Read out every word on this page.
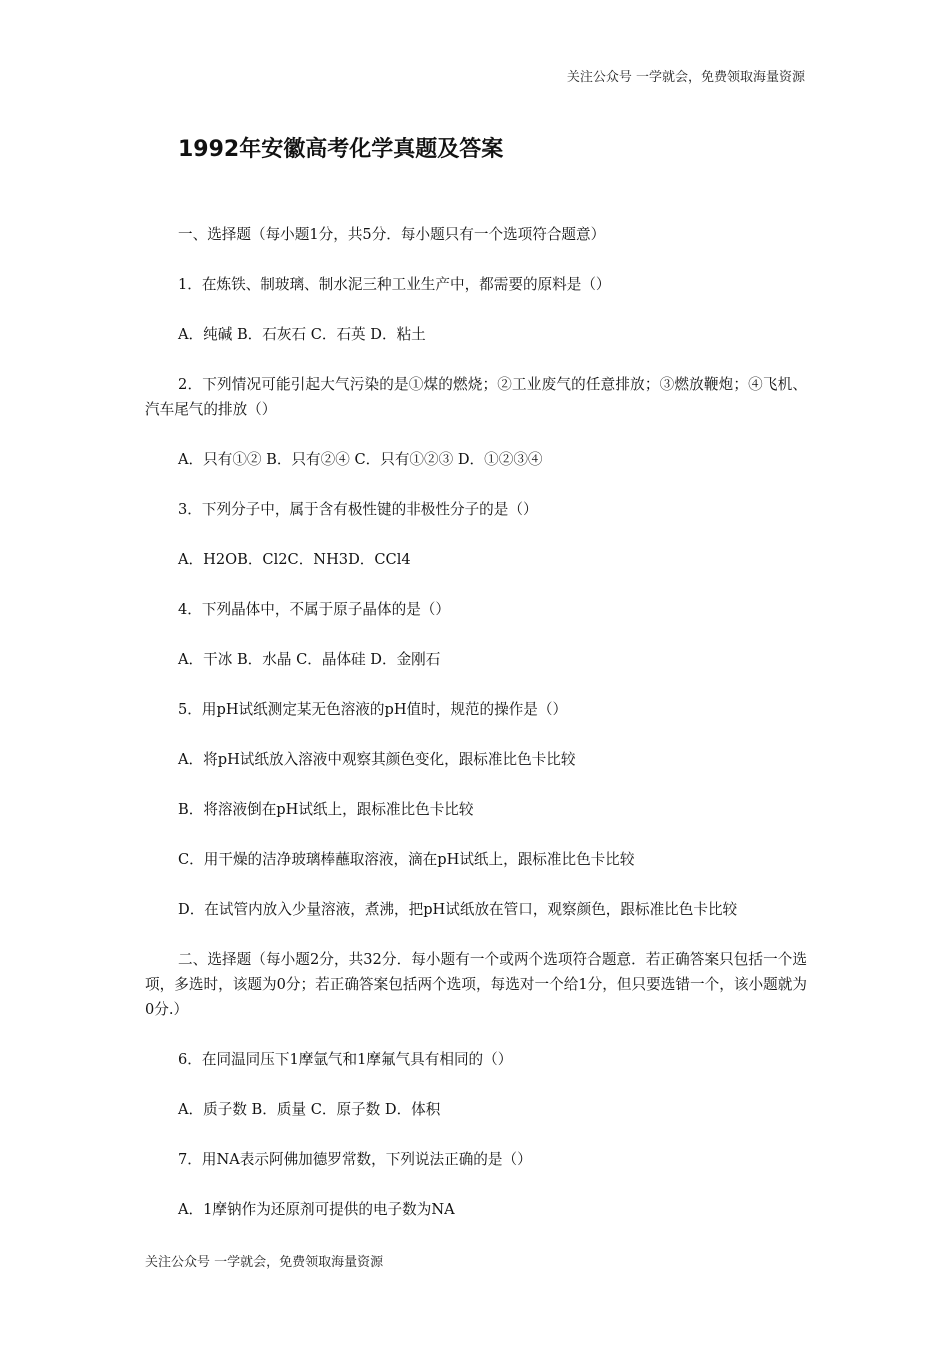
关注公众号 一学就会，免费领取海量资源
1992年安徽高考化学真题及答案

一、选择题（每小题1分，共5分．每小题只有一个选项符合题意）

1．在炼铁、制玻璃、制水泥三种工业生产中，都需要的原料是（）

A．纯碱 B．石灰石 C．石英 D．粘土

2．下列情况可能引起大气污染的是①煤的燃烧；②工业废气的任意排放；③燃放鞭炮；④飞机、汽车尾气的排放（）

A．只有①② B．只有②④ C．只有①②③ D．①②③④

3．下列分子中，属于含有极性键的非极性分子的是（）

A．H2OB．Cl2C．NH3D．CCl4

4．下列晶体中，不属于原子晶体的是（）

A．干冰 B．水晶 C．晶体硅 D．金刚石

5．用pH试纸测定某无色溶液的pH值时，规范的操作是（）

A．将pH试纸放入溶液中观察其颜色变化，跟标准比色卡比较

B．将溶液倒在pH试纸上，跟标准比色卡比较

C．用干燥的洁净玻璃棒蘸取溶液，滴在pH试纸上，跟标准比色卡比较

D．在试管内放入少量溶液，煮沸，把pH试纸放在管口，观察颜色，跟标准比色卡比较

二、选择题（每小题2分，共32分．每小题有一个或两个选项符合题意．若正确答案只包括一个选项，多选时，该题为0分；若正确答案包括两个选项，每选对一个给1分，但只要选错一个，该小题就为0分.）

6．在同温同压下1摩氩气和1摩氟气具有相同的（）

A．质子数 B．质量 C．原子数 D．体积

7．用NA表示阿佛加德罗常数，下列说法正确的是（）

A．1摩钠作为还原剂可提供的电子数为NA

关注公众号 一学就会，免费领取海量资源
